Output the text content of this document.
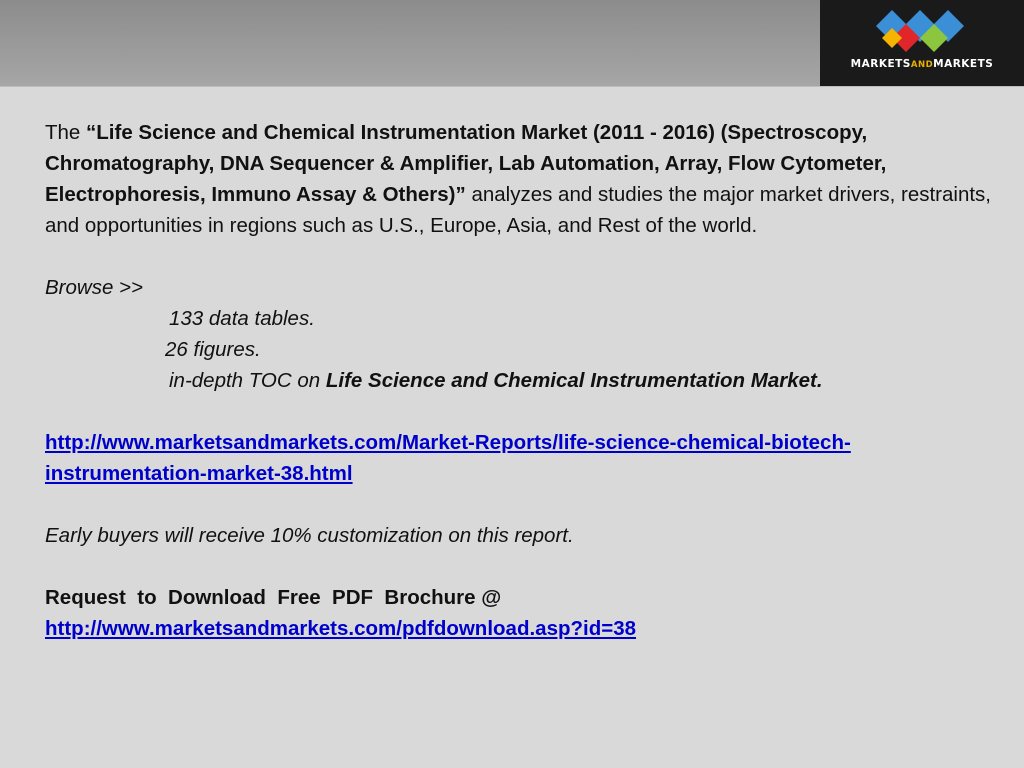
MARKETSANDMARKETS

The “Life Science and Chemical Instrumentation Market (2011 - 2016) (Spectroscopy, Chromatography, DNA Sequencer & Amplifier, Lab Automation, Array, Flow Cytometer, Electrophoresis, Immuno Assay & Others)” analyzes and studies the major market drivers, restraints, and opportunities in regions such as U.S., Europe, Asia, and Rest of the world.

Browse >>

133 data tables.

26 figures.

in-depth TOC on Life Science and Chemical Instrumentation Market.

http://www.marketsandmarkets.com/Market-Reports/life-science-chemical-biotech-instrumentation-market-38.html

Early buyers will receive 10% customization on this report.

Request  to  Download  Free  PDF  Brochure @

http://www.marketsandmarkets.com/pdfdownload.asp?id=38
